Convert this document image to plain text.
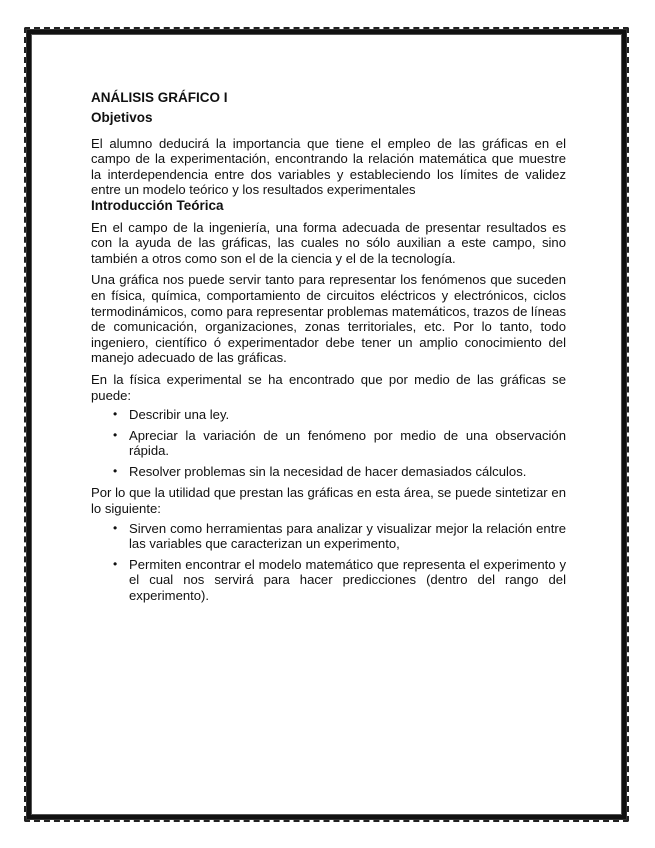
ANÁLISIS GRÁFICO I

Objetivos

El alumno deducirá la importancia que tiene el empleo de las gráficas en el campo de la experimentación, encontrando la relación matemática que muestre la interdependencia entre dos variables y estableciendo los límites de validez entre un modelo teórico y los resultados experimentales

Introducción Teórica

En el campo de la ingeniería, una forma adecuada de presentar resultados es con la ayuda de las gráficas, las cuales no sólo auxilian a este campo, sino también a otros como son el de la ciencia y el de la tecnología.

Una gráfica nos puede servir tanto para representar los fenómenos que suceden en física, química, comportamiento de circuitos eléctricos y electrónicos, ciclos termodinámicos, como para representar problemas matemáticos, trazos de líneas de comunicación, organizaciones, zonas territoriales, etc. Por lo tanto, todo ingeniero, científico ó experimentador debe tener un amplio conocimiento del manejo adecuado de las gráficas.

En la física experimental se ha encontrado que por medio de las gráficas se puede:

• Describir una ley.
• Apreciar la variación de un fenómeno por medio de una observación rápida.
• Resolver problemas sin la necesidad de hacer demasiados cálculos.

Por lo que la utilidad que prestan las gráficas en esta área, se puede sintetizar en lo siguiente:

• Sirven como herramientas para analizar y visualizar mejor la relación entre las variables que caracterizan un experimento,
• Permiten encontrar el modelo matemático que representa el experimento y el cual nos servirá para hacer predicciones (dentro del rango del experimento).
